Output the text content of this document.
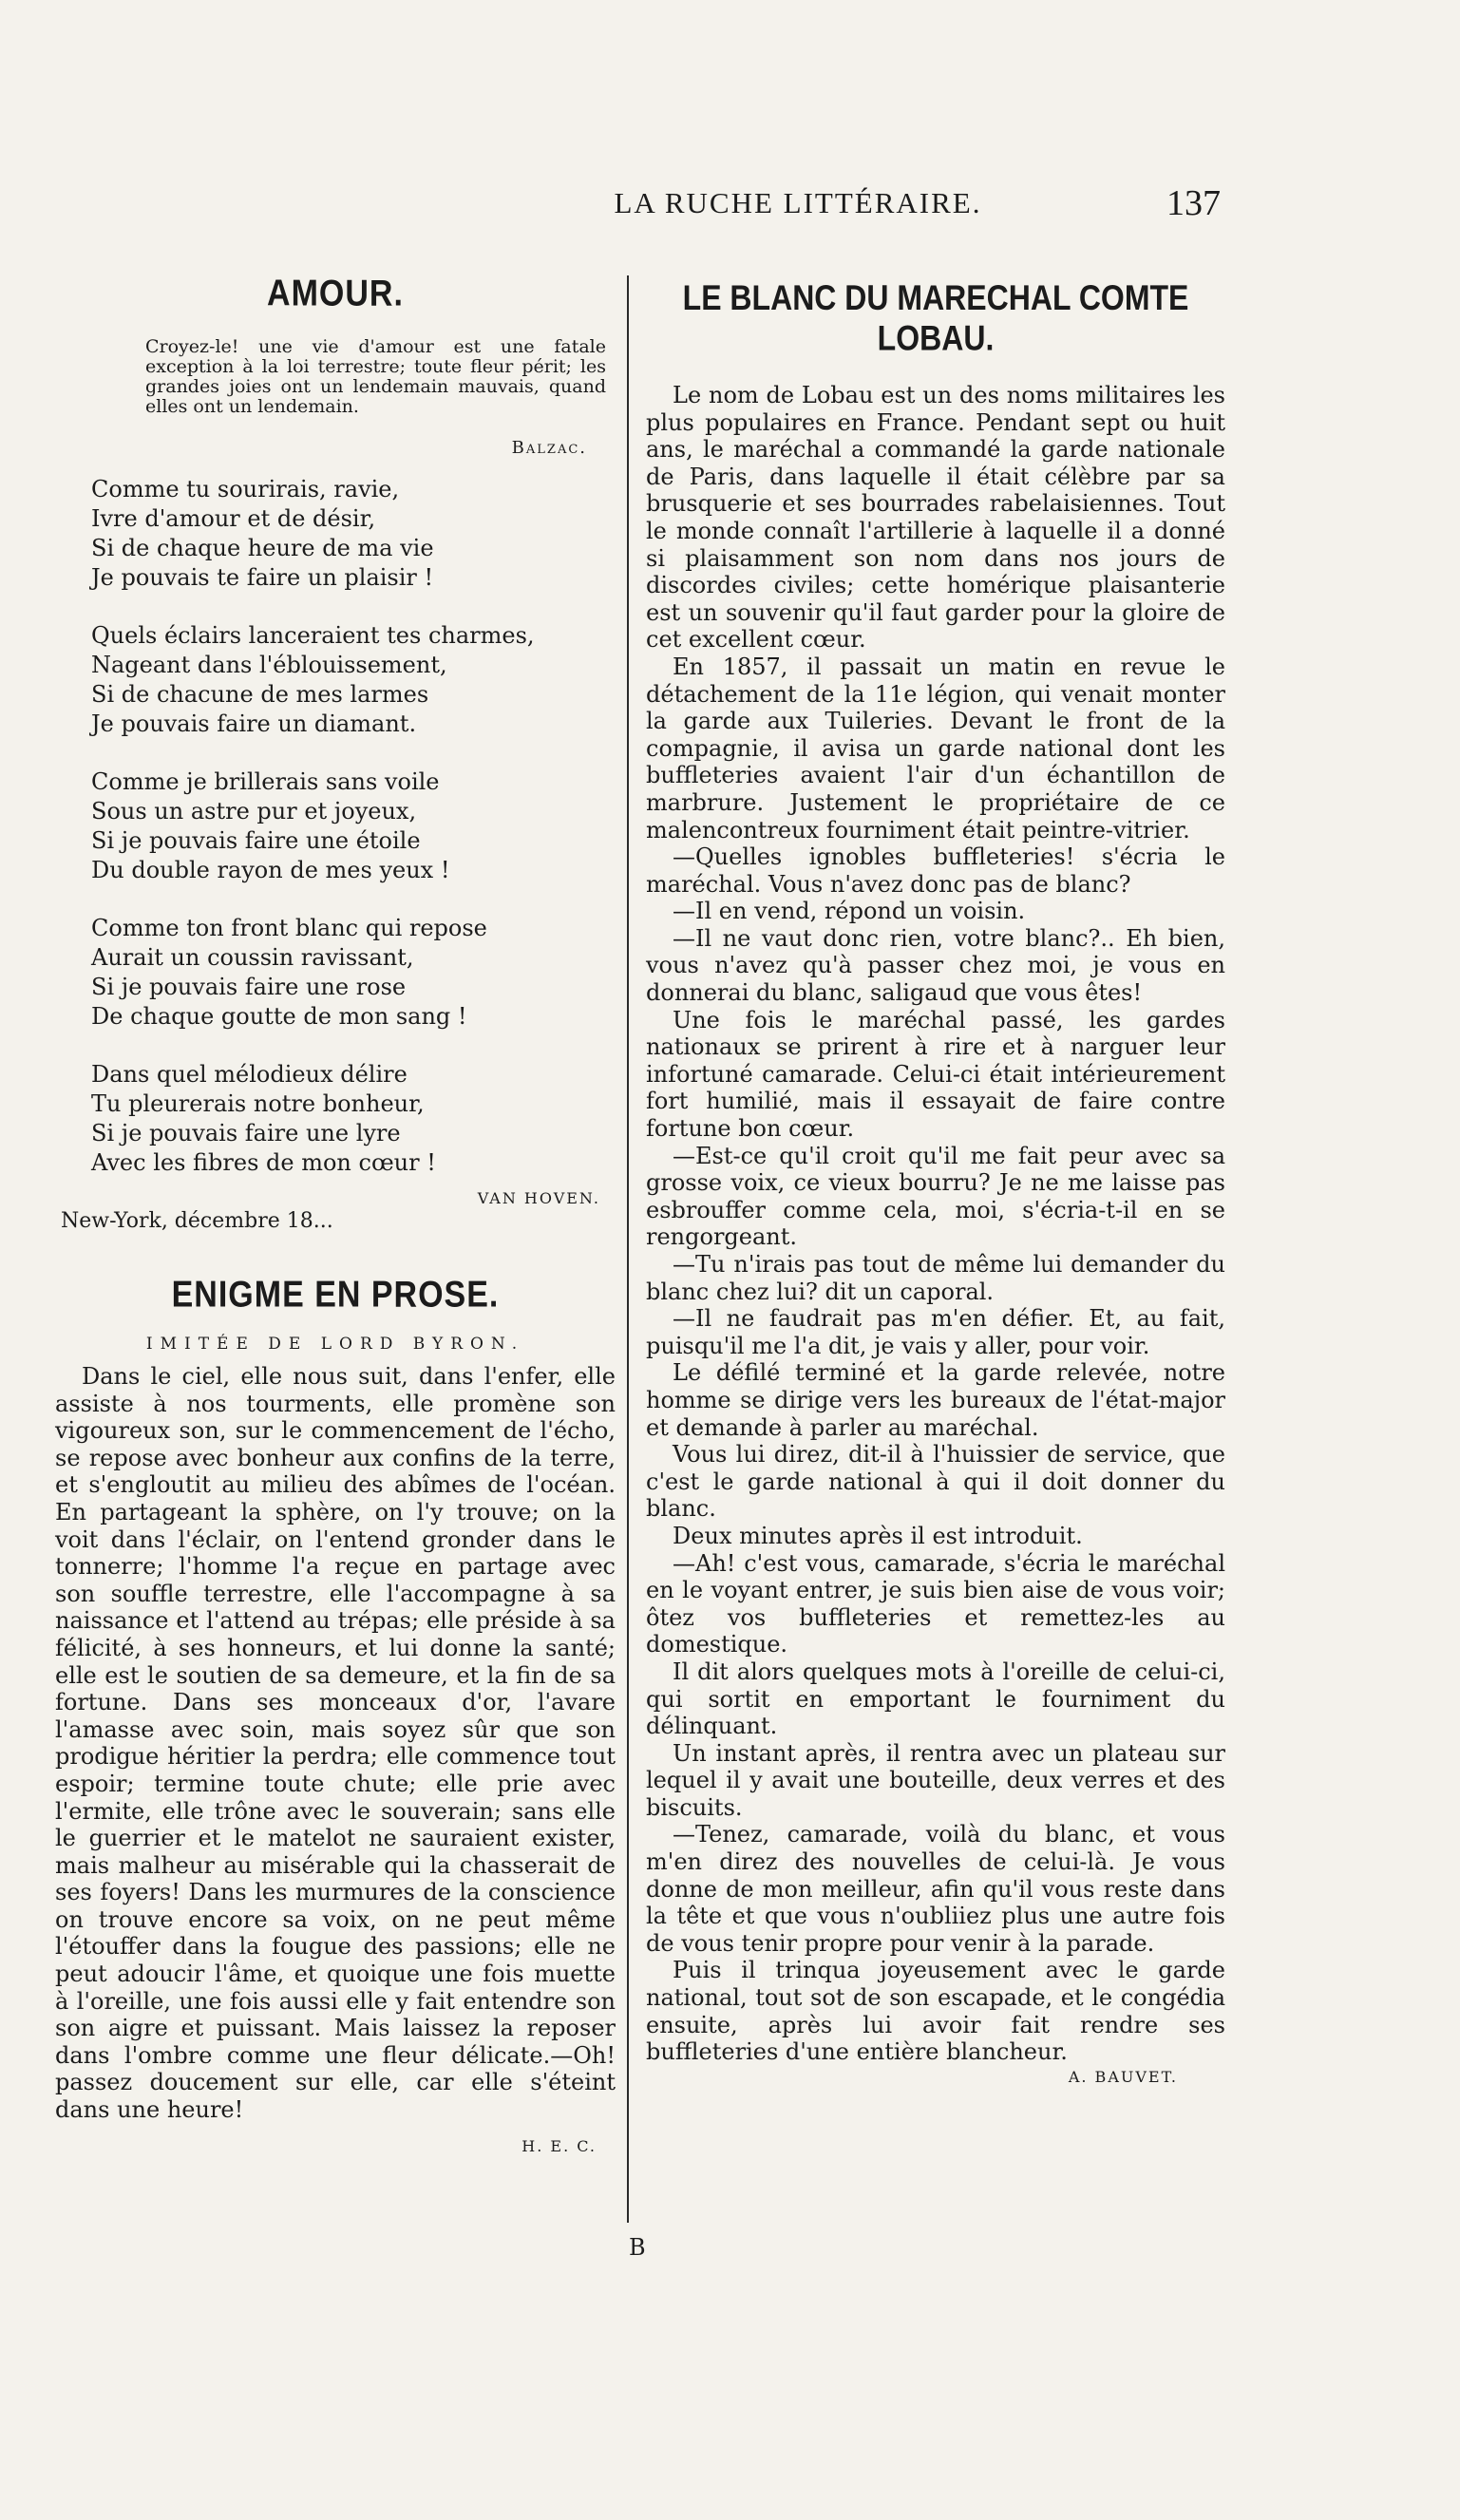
LA RUCHE LITTÉRAIRE.	137
AMOUR.
Croyez-le! une vie d'amour est une fatale exception à la loi terrestre; toute fleur périt; les grandes joies ont un lendemain mauvais, quand elles ont un lendemain.
Balzac.
Comme tu sourirais, ravie,
Ivre d'amour et de désir,
Si de chaque heure de ma vie
Je pouvais te faire un plaisir !
Quels éclairs lanceraient tes charmes,
Nageant dans l'éblouissement,
Si de chacune de mes larmes
Je pouvais faire un diamant.
Comme je brillerais sans voile
Sous un astre pur et joyeux,
Si je pouvais faire une étoile
Du double rayon de mes yeux !
Comme ton front blanc qui repose
Aurait un coussin ravissant,
Si je pouvais faire une rose
De chaque goutte de mon sang !
Dans quel mélodieux délire
Tu pleurerais notre bonheur,
Si je pouvais faire une lyre
Avec les fibres de mon cœur !
VAN HOVEN.
New-York, décembre 18...
ENIGME EN PROSE.
IMITÉE DE LORD BYRON.

Dans le ciel, elle nous suit, dans l'enfer, elle assiste à nos tourments, elle promène son vigoureux son, sur le commencement de l'écho, se repose avec bonheur aux confins de la terre, et s'engloutit au milieu des abîmes de l'océan. En partageant la sphère, on l'y trouve; on la voit dans l'éclair, on l'entend gronder dans le tonnerre; l'homme l'a reçue en partage avec son souffle terrestre, elle l'accompagne à sa naissance et l'attend au trépas; elle préside à sa félicité, à ses honneurs, et lui donne la santé; elle est le soutien de sa demeure, et la fin de sa fortune. Dans ses monceaux d'or, l'avare l'amasse avec soin, mais soyez sûr que son prodigue héritier la perdra; elle commence tout espoir; termine toute chute; elle prie avec l'ermite, elle trône avec le souverain; sans elle le guerrier et le matelot ne sauraient exister, mais malheur au misérable qui la chasserait de ses foyers! Dans les murmures de la conscience on trouve encore sa voix, on ne peut même l'étouffer dans la fougue des passions; elle ne peut adoucir l'âme, et quoique une fois muette à l'oreille, une fois aussi elle y fait entendre son son aigre et puissant. Mais laissez la reposer dans l'ombre comme une fleur délicate.—Oh! passez doucement sur elle, car elle s'éteint dans une heure!

H. E. C.
LE BLANC DU MARECHAL COMTE LOBAU.

Le nom de Lobau est un des noms militaires les plus populaires en France. Pendant sept ou huit ans, le maréchal a commandé la garde nationale de Paris, dans laquelle il était célèbre par sa brusquerie et ses bourrades rabelaisiennes. Tout le monde connaît l'artillerie à laquelle il a donné si plaisamment son nom dans nos jours de discordes civiles; cette homérique plaisanterie est un souvenir qu'il faut garder pour la gloire de cet excellent cœur.

En 1857, il passait un matin en revue le détachement de la 11e légion, qui venait monter la garde aux Tuileries. Devant le front de la compagnie, il avisa un garde national dont les buffleteries avaient l'air d'un échantillon de marbrure. Justement le propriétaire de ce malencontreux fourniment était peintre-vitrier.

—Quelles ignobles buffleteries! s'écria le maréchal. Vous n'avez donc pas de blanc?

—Il en vend, répond un voisin.

—Il ne vaut donc rien, votre blanc?.. Eh bien, vous n'avez qu'à passer chez moi, je vous en donnerai du blanc, saligaud que vous êtes!

Une fois le maréchal passé, les gardes nationaux se prirent à rire et à narguer leur infortuné camarade. Celui-ci était intérieurement fort humilié, mais il essayait de faire contre fortune bon cœur.

—Est-ce qu'il croit qu'il me fait peur avec sa grosse voix, ce vieux bourru? Je ne me laisse pas esbrouffer comme cela, moi, s'écria-t-il en se rengorgeant.

—Tu n'irais pas tout de même lui demander du blanc chez lui? dit un caporal.

—Il ne faudrait pas m'en défier. Et, au fait, puisqu'il me l'a dit, je vais y aller, pour voir.

Le défilé terminé et la garde relevée, notre homme se dirige vers les bureaux de l'état-major et demande à parler au maréchal.

Vous lui direz, dit-il à l'huissier de service, que c'est le garde national à qui il doit donner du blanc.

Deux minutes après il est introduit.

—Ah! c'est vous, camarade, s'écria le maréchal en le voyant entrer, je suis bien aise de vous voir; ôtez vos buffleteries et remettez-les au domestique.

Il dit alors quelques mots à l'oreille de celui-ci, qui sortit en emportant le fourniment du délinquant.

Un instant après, il rentra avec un plateau sur lequel il y avait une bouteille, deux verres et des biscuits.

—Tenez, camarade, voilà du blanc, et vous m'en direz des nouvelles de celui-là. Je vous donne de mon meilleur, afin qu'il vous reste dans la tête et que vous n'oubliiez plus une autre fois de vous tenir propre pour venir à la parade.

Puis il trinqua joyeusement avec le garde national, tout sot de son escapade, et le congédia ensuite, après lui avoir fait rendre ses buffleteries d'une entière blancheur.

A. BAUVET.
B
